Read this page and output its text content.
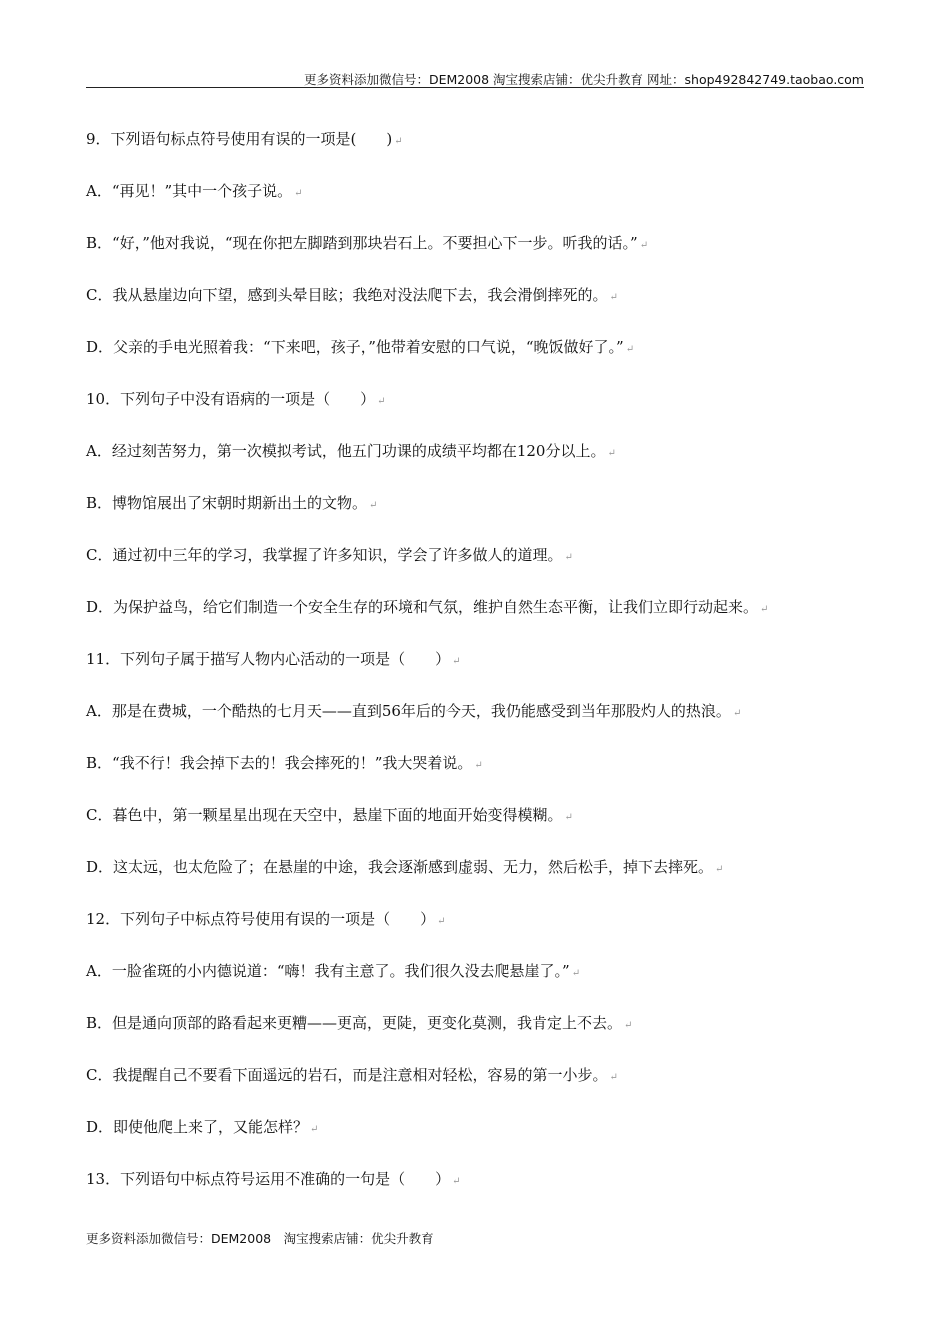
更多资料添加微信号：DEM2008 淘宝搜索店铺：优尖升教育 网址：shop492842749.taobao.com
9．下列语句标点符号使用有误的一项是(　　) ↵
A．“再见！”其中一个孩子说。 ↵
B．“好，”他对我说，“现在你把左脚踏到那块岩石上。不要担心下一步。听我的话。” ↵
C．我从悬崖边向下望，感到头晕目眩；我绝对没法爬下去，我会滑倒摔死的。 ↵
D．父亲的手电光照着我：“下来吧，孩子，”他带着安慰的口气说，“晚饭做好了。” ↵
10．下列句子中没有语病的一项是（　　） ↵
A．经过刻苦努力，第一次模拟考试，他五门功课的成绩平均都在120分以上。 ↵
B．博物馆展出了宋朝时期新出土的文物。 ↵
C．通过初中三年的学习，我掌握了许多知识，学会了许多做人的道理。 ↵
D．为保护益鸟，给它们制造一个安全生存的环境和气氛，维护自然生态平衡，让我们立即行动起来。 ↵
11．下列句子属于描写人物内心活动的一项是（　　） ↵
A．那是在费城，一个酷热的七月天——直到56年后的今天，我仍能感受到当年那股灼人的热浪。 ↵
B．“我不行！我会掉下去的！我会摔死的！”我大哭着说。 ↵
C．暮色中，第一颗星星出现在天空中，悬崖下面的地面开始变得模糊。 ↵
D．这太远，也太危险了；在悬崖的中途，我会逐渐感到虚弱、无力，然后松手，掉下去摔死。 ↵
12．下列句子中标点符号使用有误的一项是（　　） ↵
A．一脸雀斑的小内德说道：“嗨！我有主意了。我们很久没去爬悬崖了。” ↵
B．但是通向顶部的路看起来更糟——更高，更陡，更变化莫测，我肯定上不去。 ↵
C．我提醒自己不要看下面遥远的岩石，而是注意相对轻松，容易的第一小步。 ↵
D．即使他爬上来了，又能怎样？ ↵
13．下列语句中标点符号运用不准确的一句是（　　） ↵
更多资料添加微信号：DEM2008　淘宝搜索店铺：优尖升教育
